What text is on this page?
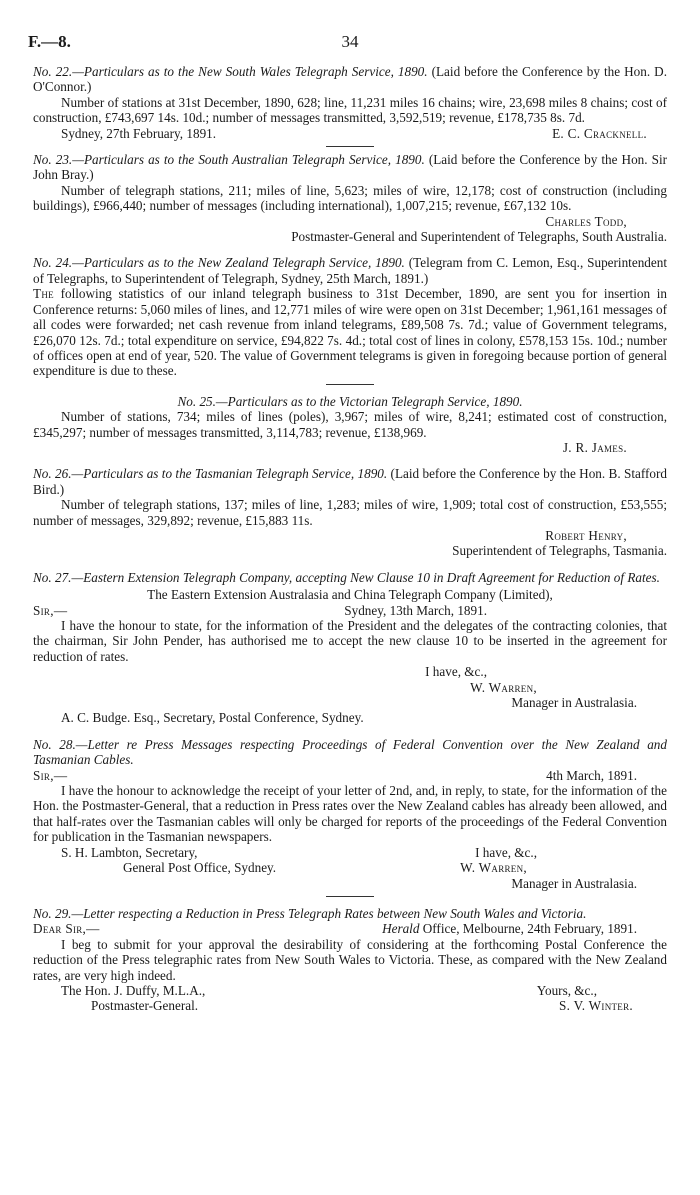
F.—8.	34

No. 22.—Particulars as to the New South Wales Telegraph Service, 1890. (Laid before the Conference by the Hon. D. O'Connor.)

Number of stations at 31st December, 1890, 628; line, 11,231 miles 16 chains; wire, 23,698 miles 8 chains; cost of construction, £743,697 14s. 10d.; number of messages transmitted, 3,592,519; revenue, £178,735 8s. 7d.

Sydney, 27th February, 1891.	E. C. Cracknell.

No. 23.—Particulars as to the South Australian Telegraph Service, 1890. (Laid before the Conference by the Hon. Sir John Bray.)

Number of telegraph stations, 211; miles of line, 5,623; miles of wire, 12,178; cost of construction (including buildings), £966,440; number of messages (including international), 1,007,215; revenue, £67,132 10s.

Charles Todd,

Postmaster-General and Superintendent of Telegraphs, South Australia.

No. 24.—Particulars as to the New Zealand Telegraph Service, 1890. (Telegram from C. Lemon, Esq., Superintendent of Telegraphs, to Superintendent of Telegraph, Sydney, 25th March, 1891.)

The following statistics of our inland telegraph business to 31st December, 1890, are sent you for insertion in Conference returns: 5,060 miles of lines, and 12,771 miles of wire were open on 31st December; 1,961,161 messages of all codes were forwarded; net cash revenue from inland telegrams, £89,508 7s. 7d.; value of Government telegrams, £26,070 12s. 7d.; total expenditure on service, £94,822 7s. 4d.; total cost of lines in colony, £578,153 15s. 10d.; number of offices open at end of year, 520. The value of Government telegrams is given in foregoing because portion of general expenditure is due to these.

No. 25.—Particulars as to the Victorian Telegraph Service, 1890.

Number of stations, 734; miles of lines (poles), 3,967; miles of wire, 8,241; estimated cost of construction, £345,297; number of messages transmitted, 3,114,783; revenue, £138,969.

J. R. James.

No. 26.—Particulars as to the Tasmanian Telegraph Service, 1890. (Laid before the Conference by the Hon. B. Stafford Bird.)

Number of telegraph stations, 137; miles of line, 1,283; miles of wire, 1,909; total cost of construction, £53,555; number of messages, 329,892; revenue, £15,883 11s.

Robert Henry,

Superintendent of Telegraphs, Tasmania.

No. 27.—Eastern Extension Telegraph Company, accepting New Clause 10 in Draft Agreement for Reduction of Rates.

The Eastern Extension Australasia and China Telegraph Company (Limited),

Sir,—	Sydney, 13th March, 1891.

I have the honour to state, for the information of the President and the delegates of the contracting colonies, that the chairman, Sir John Pender, has authorised me to accept the new clause 10 to be inserted in the agreement for reduction of rates.

I have, &c.,

W. Warren,

Manager in Australasia.

A. C. Budge. Esq., Secretary, Postal Conference, Sydney.

No. 28.—Letter re Press Messages respecting Proceedings of Federal Convention over the New Zealand and Tasmanian Cables.

Sir,—	4th March, 1891.

I have the honour to acknowledge the receipt of your letter of 2nd, and, in reply, to state, for the information of the Hon. the Postmaster-General, that a reduction in Press rates over the New Zealand cables has already been allowed, and that half-rates over the Tasmanian cables will only be charged for reports of the proceedings of the Federal Convention for publication in the Tasmanian newspapers.

S. H. Lambton, Secretary,	I have, &c.,
General Post Office, Sydney.	W. Warren,

Manager in Australasia.

No. 29.—Letter respecting a Reduction in Press Telegraph Rates between New South Wales and Victoria.

Dear Sir,—	Herald Office, Melbourne, 24th February, 1891.

I beg to submit for your approval the desirability of considering at the forthcoming Postal Conference the reduction of the Press telegraphic rates from New South Wales to Victoria. These, as compared with the New Zealand rates, are very high indeed.

The Hon. J. Duffy, M.L.A.,	Yours, &c.,
Postmaster-General.	S. V. Winter.
